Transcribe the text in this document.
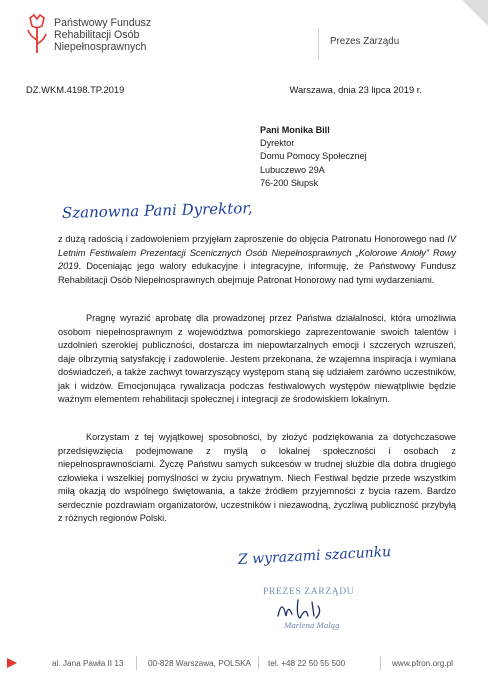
Państwowy Fundusz
Rehabilitacji Osób
Niepełnosprawnych	Prezes Zarządu
DZ.WKM.4198.TP.2019	Warszawa, dnia 23 lipca 2019 r.
Pani Monika Bill
Dyrektor
Domu Pomocy Społecznej
Lubuczewo 29A
76-200 Słupsk
Szanowna Pani Dyrektor,
z dużą radością i zadowoleniem przyjęłam zaproszenie do objęcia Patronatu Honorowego nad IV Letnim Festiwalem Prezentacji Scenicznych Osób Niepełnosprawnych „Kolorowe Anioły” Rowy 2019. Doceniając jego walory edukacyjne i integracyjne, informuję, że Państwowy Fundusz Rehabilitacji Osób Niepełnosprawnych obejmuje Patronat Honorowy nad tymi wydarzeniami.
Pragnę wyrazić aprobatę dla prowadzonej przez Państwa działalności, która umożliwia osobom niepełnosprawnym z województwa pomorskiego zaprezentowanie swoich talentów i uzdolnień szerokiej publiczności, dostarcza im niepowtarzalnych emocji i szczerych wzruszeń, daje olbrzymią satysfakcję i zadowolenie. Jestem przekonana, że wzajemna inspiracja i wymiana doświadczeń, a także zachwyt towarzyszący występom staną się udziałem zarówno uczestników, jak i widzów. Emocjonująca rywalizacja podczas festiwalowych występów niewątpliwie będzie ważnym elementem rehabilitacji społecznej i integracji ze środowiskiem lokalnym.
Korzystam z tej wyjątkowej sposobności, by złożyć podziękowania za dotychczasowe przedsięwzięcia podejmowane z myślą o lokalnej społeczności i osobach z niepełnosprawnościami. Życzę Państwu samych sukcesów w trudnej służbie dla dobra drugiego człowieka i wszelkiej pomyślności w życiu prywatnym. Niech Festiwal będzie przede wszystkim miłą okazją do wspólnego świętowania, a także źródłem przyjemności z bycia razem. Bardzo serdecznie pozdrawiam organizatorów, uczestników i niezawodną, życzliwą publiczność przybyłą z różnych regionów Polski.
Z wyrazami szacunku
PREZES ZARZĄDU
Marlena Maląg
al. Jana Pawła II 13	00-828 Warszawa, POLSKA tel. +48 22 50 55 500	www.pfron.org.pl
